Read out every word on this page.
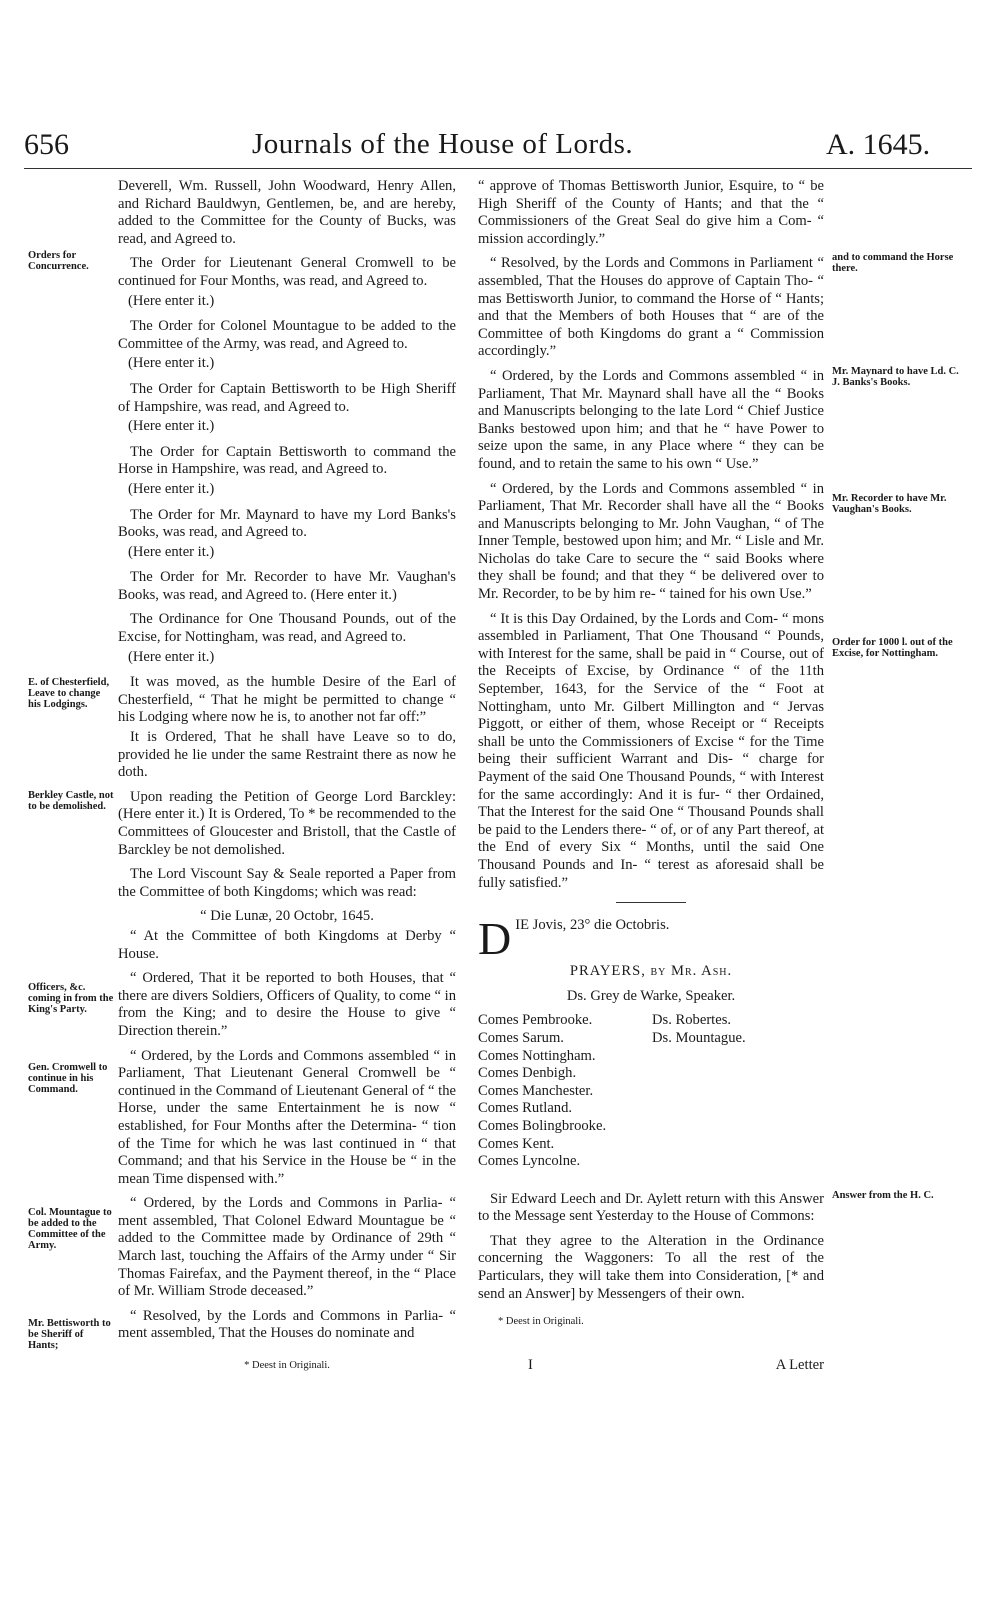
656	Journals of the House of Lords.	A. 1645.
Orders for Concurrence.
E. of Chesterfield, Leave to change his Lodgings.
Berkley Castle, not to be demolished.
Officers, &c. coming in from the King's Party.
Gen. Cromwell to continue in his Command.
Col. Mountague to be added to the Committee of the Army.
Mr. Bettisworth to be Sheriff of Hants;
and to command the Horse there.
Mr. Maynard to have Ld. C. J. Banks's Books.
Mr. Recorder to have Mr. Vaughan's Books.
Order for 1000 l. out of the Excise, for Nottingham.
Answer from the H. C.

Deverell, Wm. Russell, John Woodward, Henry Allen, and Richard Bauldwyn, Gentlemen, be, and are hereby, added to the Committee for the County of Bucks, was read, and Agreed to.

The Order for Lieutenant General Cromwell to be continued for Four Months, was read, and Agreed to.

(Here enter it.)

The Order for Colonel Mountague to be added to the Committee of the Army, was read, and Agreed to.

(Here enter it.)

The Order for Captain Bettisworth to be High Sheriff of Hampshire, was read, and Agreed to.

(Here enter it.)

The Order for Captain Bettisworth to command the Horse in Hampshire, was read, and Agreed to.

(Here enter it.)

The Order for Mr. Maynard to have my Lord Banks's Books, was read, and Agreed to.

(Here enter it.)

The Order for Mr. Recorder to have Mr. Vaughan's Books, was read, and Agreed to. (Here enter it.)

The Ordinance for One Thousand Pounds, out of the Excise, for Nottingham, was read, and Agreed to.

(Here enter it.)

It was moved, as the humble Desire of the Earl of Chesterfield, “ That he might be permitted to change “ his Lodging where now he is, to another not far off:”

It is Ordered, That he shall have Leave so to do, provided he lie under the same Restraint there as now he doth.

Upon reading the Petition of George Lord Barckley: (Here enter it.) It is Ordered, To * be recommended to the Committees of Gloucester and Bristoll, that the Castle of Barckley be not demolished.

The Lord Viscount Say & Seale reported a Paper from the Committee of both Kingdoms; which was read:

“ Die Lunæ, 20 Octobr, 1645.

“ At the Committee of both Kingdoms at Derby “ House.

“ Ordered, That it be reported to both Houses, that “ there are divers Soldiers, Officers of Quality, to come “ in from the King; and to desire the House to give “ Direction therein.”

“ Ordered, by the Lords and Commons assembled “ in Parliament, That Lieutenant General Cromwell be “ continued in the Command of Lieutenant General of “ the Horse, under the same Entertainment he is now “ established, for Four Months after the Determina- “ tion of the Time for which he was last continued in “ that Command; and that his Service in the House be “ in the mean Time dispensed with.”

“ Ordered, by the Lords and Commons in Parlia- “ ment assembled, That Colonel Edward Mountague be “ added to the Committee made by Ordinance of 29th “ March last, touching the Affairs of the Army under “ Sir Thomas Fairefax, and the Payment thereof, in the “ Place of Mr. William Strode deceased.”

“ Resolved, by the Lords and Commons in Parlia- “ ment assembled, That the Houses do nominate and

* Deest in Originali.

“ approve of Thomas Bettisworth Junior, Esquire, to “ be High Sheriff of the County of Hants; and that the “ Commissioners of the Great Seal do give him a Com- “ mission accordingly.”

“ Resolved, by the Lords and Commons in Parliament “ assembled, That the Houses do approve of Captain Tho- “ mas Bettisworth Junior, to command the Horse of “ Hants; and that the Members of both Houses that “ are of the Committee of both Kingdoms do grant a “ Commission accordingly.”

“ Ordered, by the Lords and Commons assembled “ in Parliament, That Mr. Maynard shall have all the “ Books and Manuscripts belonging to the late Lord “ Chief Justice Banks bestowed upon him; and that he “ have Power to seize upon the same, in any Place where “ they can be found, and to retain the same to his own “ Use.”

“ Ordered, by the Lords and Commons assembled “ in Parliament, That Mr. Recorder shall have all the “ Books and Manuscripts belonging to Mr. John Vaughan, “ of The Inner Temple, bestowed upon him; and Mr. “ Lisle and Mr. Nicholas do take Care to secure the “ said Books where they shall be found; and that they “ be delivered over to Mr. Recorder, to be by him re- “ tained for his own Use.”

“ It is this Day Ordained, by the Lords and Com- “ mons assembled in Parliament, That One Thousand “ Pounds, with Interest for the same, shall be paid in “ Course, out of the Receipts of Excise, by Ordinance “ of the 11th September, 1643, for the Service of the “ Foot at Nottingham, unto Mr. Gilbert Millington and “ Jervas Piggott, or either of them, whose Receipt or “ Receipts shall be unto the Commissioners of Excise “ for the Time being their sufficient Warrant and Dis- “ charge for Payment of the said One Thousand Pounds, “ with Interest for the same accordingly: And it is fur- “ ther Ordained, That the Interest for the said One “ Thousand Pounds shall be paid to the Lenders there- “ of, or of any Part thereof, at the End of every Six “ Months, until the said One Thousand Pounds and In- “ terest as aforesaid shall be fully satisfied.”

DIE Jovis, 23° die Octobris.

PRAYERS, by Mr. Ash.

Ds. Grey de Warke, Speaker.

Comes Pembrooke.
Comes Sarum.
Comes Nottingham.
Comes Denbigh.
Comes Manchester.
Comes Rutland.
Comes Bolingbrooke.
Comes Kent.
Comes Lyncolne.
Ds. Robertes.
Ds. Mountague.

Sir Edward Leech and Dr. Aylett return with this Answer to the Message sent Yesterday to the House of Commons:

That they agree to the Alteration in the Ordinance concerning the Waggoners: To all the rest of the Particulars, they will take them into Consideration, [* and send an Answer] by Messengers of their own.

* Deest in Originali.
I	A Letter
